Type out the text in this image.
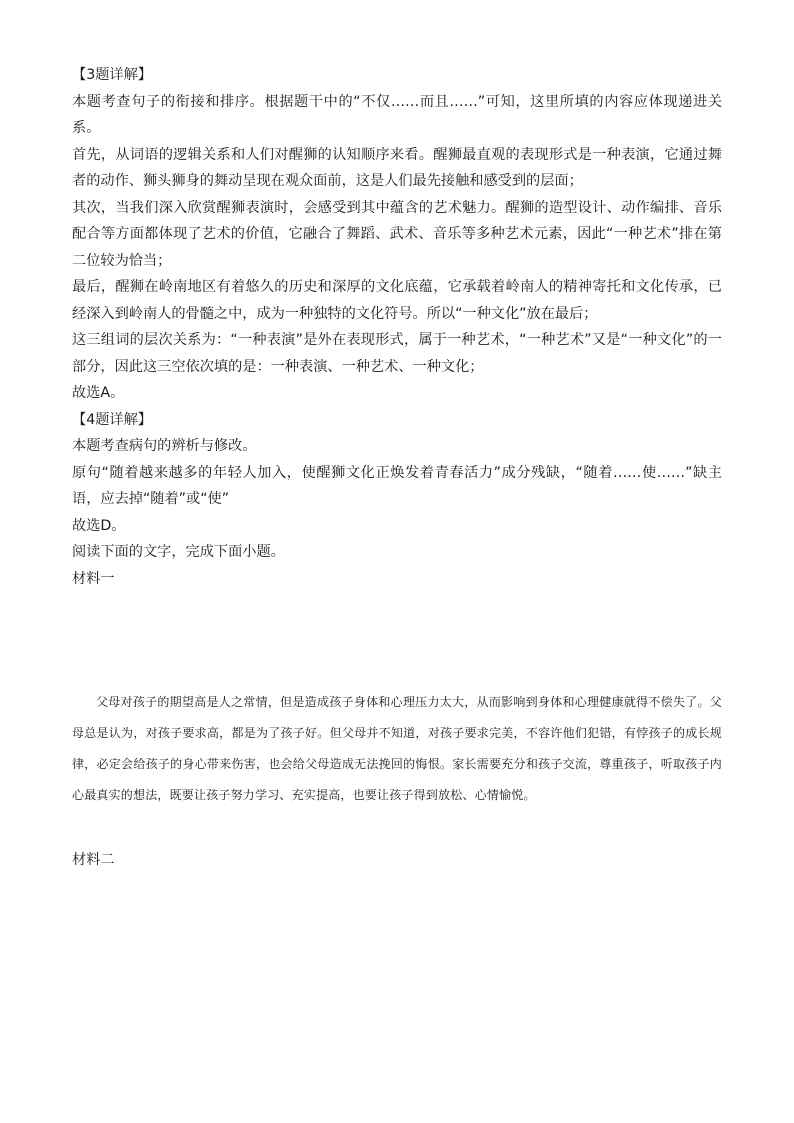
【3题详解】

本题考查句子的衔接和排序。根据题干中的“不仅……而且……”可知，这里所填的内容应体现递进关系。

首先，从词语的逻辑关系和人们对醒狮的认知顺序来看。醒狮最直观的表现形式是一种表演，它通过舞者的动作、狮头狮身的舞动呈现在观众面前，这是人们最先接触和感受到的层面；

其次，当我们深入欣赏醒狮表演时，会感受到其中蕴含的艺术魅力。醒狮的造型设计、动作编排、音乐配合等方面都体现了艺术的价值，它融合了舞蹈、武术、音乐等多种艺术元素，因此“一种艺术”排在第二位较为恰当；

最后，醒狮在岭南地区有着悠久的历史和深厚的文化底蕴，它承载着岭南人的精神寄托和文化传承，已经深入到岭南人的骨髓之中，成为一种独特的文化符号。所以“一种文化”放在最后；

这三组词的层次关系为：“一种表演”是外在表现形式，属于一种艺术，“一种艺术”又是“一种文化”的一部分，因此这三空依次填的是：一种表演、一种艺术、一种文化；

故选A。

【4题详解】

本题考查病句的辨析与修改。

原句“随着越来越多的年轻人加入，使醒狮文化正焕发着青春活力”成分残缺，“随着……使……”缺主语，应去掉“随着”或“使”

故选D。

阅读下面的文字，完成下面小题。

材料一

父母对孩子的期望高是人之常情，但是造成孩子身体和心理压力太大，从而影响到身体和心理健康就得不偿失了。父母总是认为，对孩子要求高，都是为了孩子好。但父母并不知道，对孩子要求完美，不容许他们犯错，有悖孩子的成长规律，必定会给孩子的身心带来伤害，也会给父母造成无法挽回的悔恨。家长需要充分和孩子交流，尊重孩子，听取孩子内心最真实的想法，既要让孩子努力学习、充实提高，也要让孩子得到放松、心情愉悦。

材料二
